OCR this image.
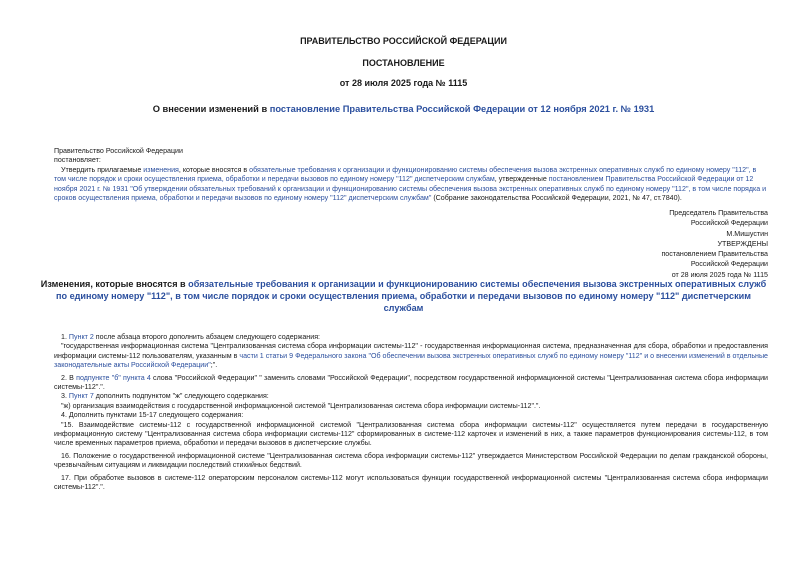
ПРАВИТЕЛЬСТВО РОССИЙСКОЙ ФЕДЕРАЦИИ
ПОСТАНОВЛЕНИЕ
от 28 июля 2025 года № 1115
О внесении изменений в постановление Правительства Российской Федерации от 12 ноября 2021 г. № 1931
Правительство Российской Федерации
постановляет:
Утвердить прилагаемые изменения, которые вносятся в обязательные требования к организации и функционированию системы обеспечения вызова экстренных оперативных служб по единому номеру "112", в том числе порядок и сроки осуществления приема, обработки и передачи вызовов по единому номеру "112" диспетчерским службам, утвержденные постановлением Правительства Российской Федерации от 12 ноября 2021 г. № 1931 "Об утверждении обязательных требований к организации и функционированию системы обеспечения вызова экстренных оперативных служб по единому номеру "112", в том числе порядка и сроков осуществления приема, обработки и передачи вызовов по единому номеру "112" диспетчерским службам" (Собрание законодательства Российской Федерации, 2021, № 47, ст.7840).
Председатель Правительства
Российской Федерации
М.Мишустин
УТВЕРЖДЕНЫ
постановлением Правительства
Российской Федерации
от 28 июля 2025 года № 1115
Изменения, которые вносятся в обязательные требования к организации и функционированию системы обеспечения вызова экстренных оперативных служб по единому номеру "112", в том числе порядок и сроки осуществления приема, обработки и передачи вызовов по единому номеру "112" диспетчерским службам
1. Пункт 2 после абзаца второго дополнить абзацем следующего содержания:
"государственная информационная система "Централизованная система сбора информации системы-112" - государственная информационная система, предназначенная для сбора, обработки и предоставления информации системы-112 пользователям, указанным в части 1 статьи 9 Федерального закона "Об обеспечении вызова экстренных оперативных служб по единому номеру "112" и о внесении изменений в отдельные законодательные акты Российской Федерации";".
2. В подпункте "б" пункта 4 слова "Российской Федерации" " заменить словами "Российской Федерации", посредством государственной информационной системы "Централизованная система сбора информации системы-112".".
3. Пункт 7 дополнить подпунктом "ж" следующего содержания:
"ж) организация взаимодействия с государственной информационной системой "Централизованная система сбора информации системы-112".".
4. Дополнить пунктами 15-17 следующего содержания:
"15. Взаимодействие системы-112 с государственной информационной системой "Централизованная система сбора информации системы-112" осуществляется путем передачи в государственную информационную систему "Централизованная система сбора информации системы-112" сформированных в системе-112 карточек и изменений в них, а также параметров функционирования системы-112, в том числе временных параметров приема, обработки и передачи вызовов в диспетчерские службы.
16. Положение о государственной информационной системе "Централизованная система сбора информации системы-112" утверждается Министерством Российской Федерации по делам гражданской обороны, чрезвычайным ситуациям и ликвидации последствий стихийных бедствий.
17. При обработке вызовов в системе-112 операторским персоналом системы-112 могут использоваться функции государственной информационной системы "Централизованная система сбора информации системы-112".".
